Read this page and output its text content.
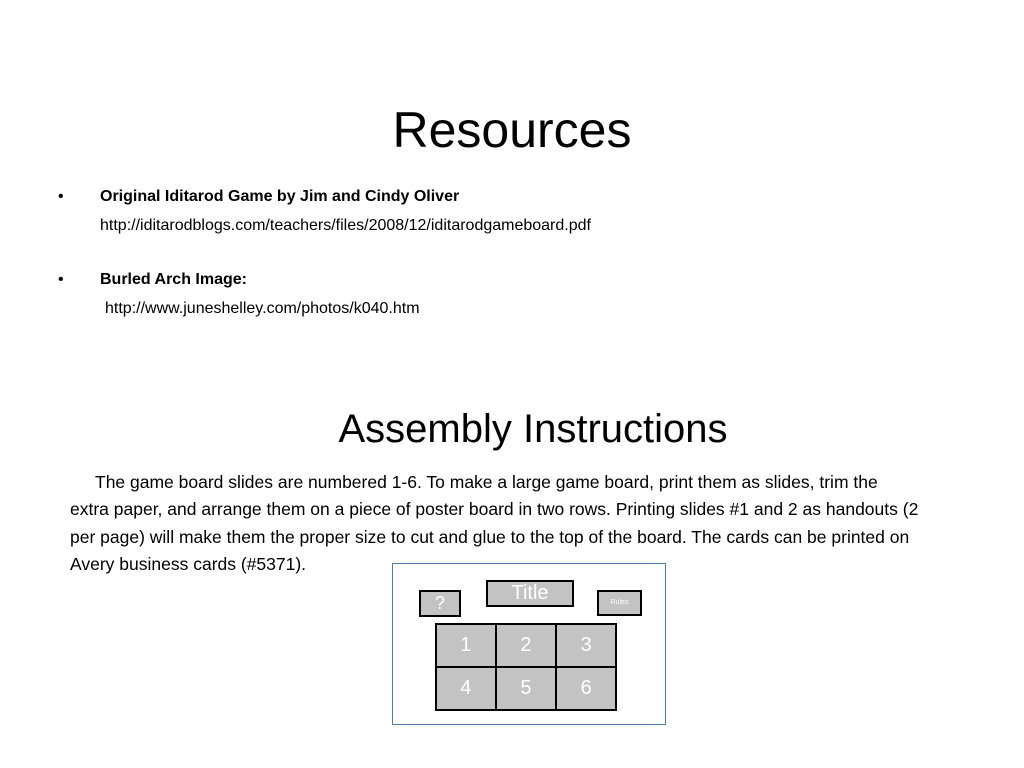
Resources
• Original Iditarod Game by Jim and Cindy Oliver
http://iditarodblogs.com/teachers/files/2008/12/iditarodgameboard.pdf
• Burled Arch Image:
http://www.juneshelley.com/photos/k040.htm
Assembly Instructions

The game board slides are numbered 1-6. To make a large game board, print them as slides, trim the extra paper, and arrange them on a piece of poster board in two rows. Printing slides #1 and 2 as handouts (2 per page) will make them the proper size to cut and glue to the top of the board. The cards can be printed on Avery business cards (#5371).

?	Title	Rules
1	2	3
4	5	6
